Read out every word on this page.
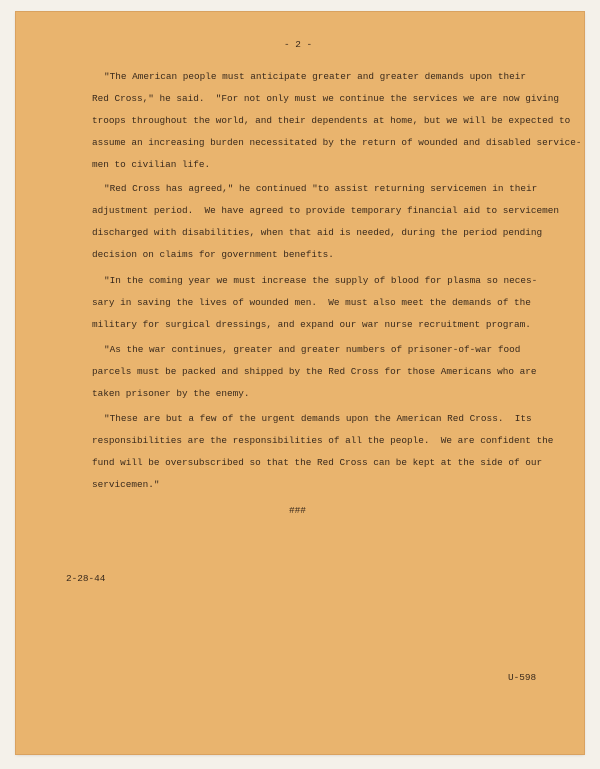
- 2 -
"The American people must anticipate greater and greater demands upon their
Red Cross," he said.  "For not only must we continue the services we are now giving
troops throughout the world, and their dependents at home, but we will be expected to
assume an increasing burden necessitated by the return of wounded and disabled service-
men to civilian life.
"Red Cross has agreed," he continued "to assist returning servicemen in their
adjustment period.  We have agreed to provide temporary financial aid to servicemen
discharged with disabilities, when that aid is needed, during the period pending
decision on claims for government benefits.
"In the coming year we must increase the supply of blood for plasma so neces-
sary in saving the lives of wounded men.  We must also meet the demands of the
military for surgical dressings, and expand our war nurse recruitment program.
"As the war continues, greater and greater numbers of prisoner-of-war food
parcels must be packed and shipped by the Red Cross for those Americans who are
taken prisoner by the enemy.
"These are but a few of the urgent demands upon the American Red Cross.  Its
responsibilities are the responsibilities of all the people.  We are confident the
fund will be oversubscribed so that the Red Cross can be kept at the side of our
servicemen."
###
2-28-44
U-598
